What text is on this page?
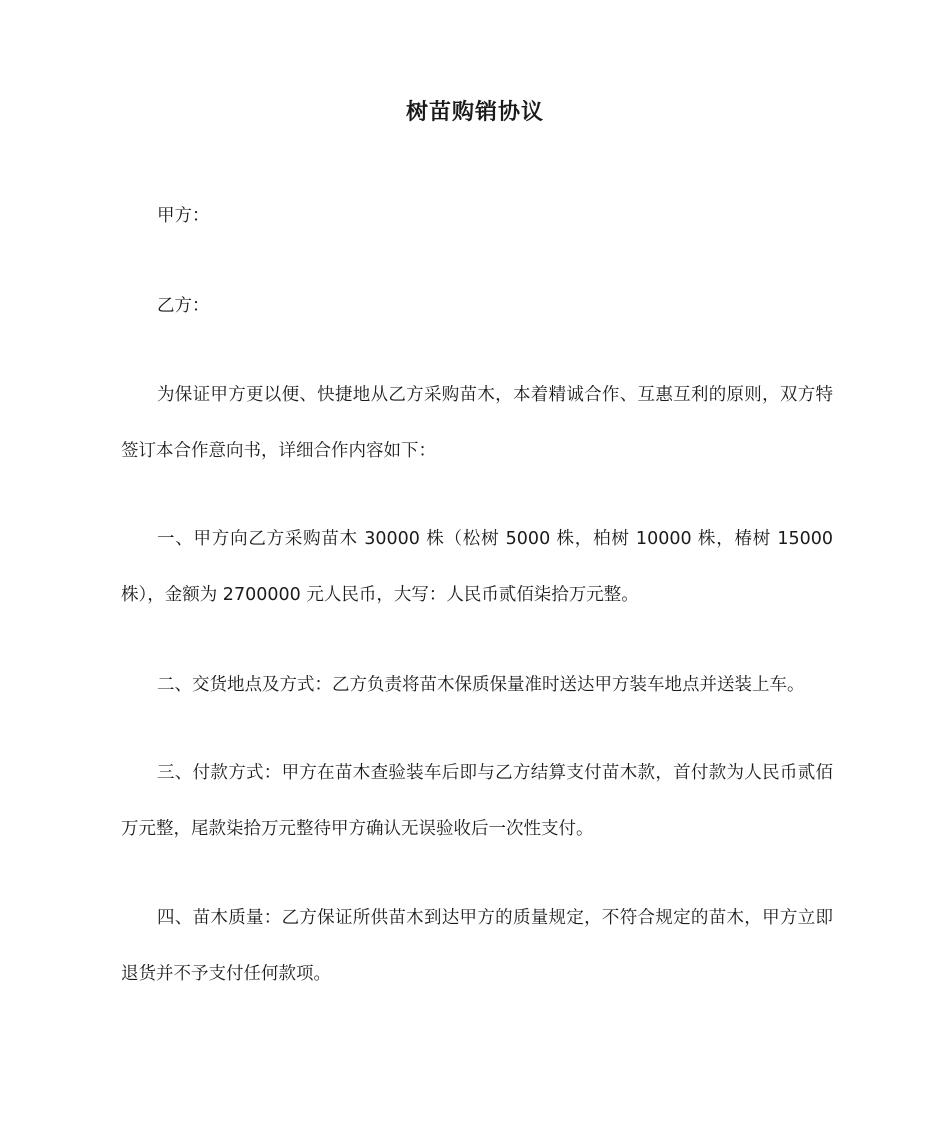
树苗购销协议

甲方：

乙方：

为保证甲方更以便、快捷地从乙方采购苗木，本着精诚合作、互惠互利的原则，双方特签订本合作意向书，详细合作内容如下：

一、甲方向乙方采购苗木 30000 株（松树 5000 株，柏树 10000 株，椿树 15000 株），金额为 2700000 元人民币，大写：人民币贰佰柒拾万元整。

二、交货地点及方式：乙方负责将苗木保质保量准时送达甲方装车地点并送装上车。

三、付款方式：甲方在苗木查验装车后即与乙方结算支付苗木款，首付款为人民币贰佰万元整，尾款柒拾万元整待甲方确认无误验收后一次性支付。

四、苗木质量：乙方保证所供苗木到达甲方的质量规定，不符合规定的苗木，甲方立即退货并不予支付任何款项。
